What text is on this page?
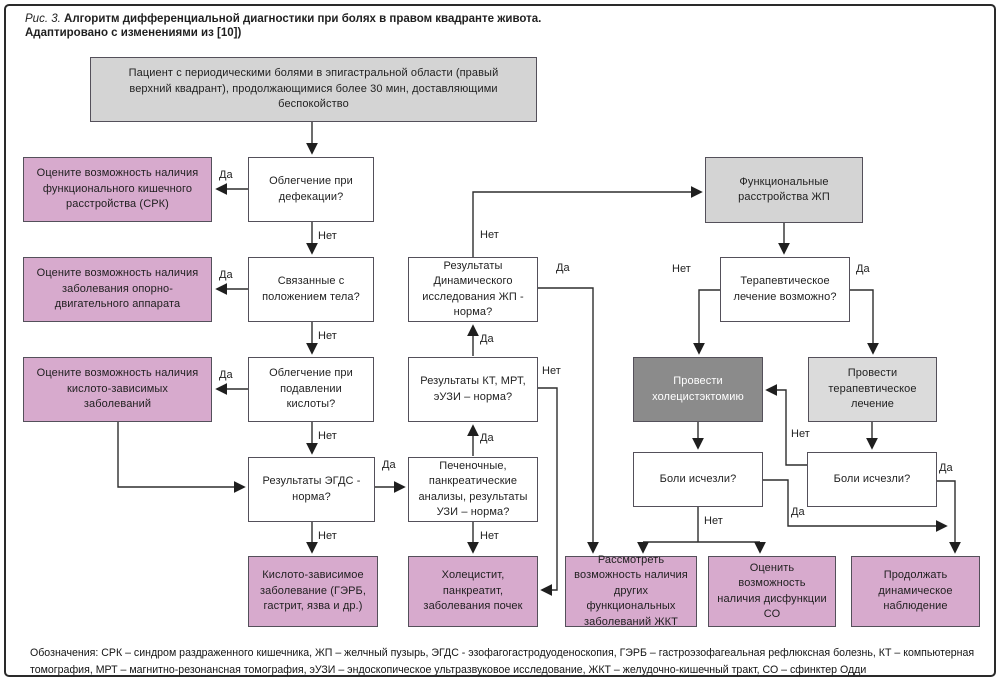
Рис. 3. Алгоритм дифференциальной диагностики при болях в правом квадранте живота.
Адаптировано с изменениями из [10])
Пациент с периодическими болями в эпигастральной области (правый верхний квадрант), продолжающимися более 30 мин, доставляющими беспокойство
Облегчение при дефекации?
Оцените возможность наличия функционального кишечного расстройства (СРК)
Связанные с положением тела?
Оцените возможность наличия заболевания опорно-двигательного аппарата
Облегчение при подавлении кислоты?
Оцените возможность наличия кислото-зависимых заболеваний
Результаты ЭГДС - норма?
Кислото-зависимое заболевание (ГЭРБ, гастрит, язва и др.)
Результаты Динамического исследования ЖП - норма?
Результаты КТ, МРТ, эУЗИ – норма?
Печеночные, панкреатические анализы, результаты УЗИ – норма?
Холецистит, панкреатит, заболевания почек
Функциональные расстройства ЖП
Терапевтическое лечение возможно?
Провести холецистэктомию
Провести терапевтическое лечение
Боли исчезли?	Боли исчезли?
Рассмотреть возможность наличия других функциональных заболеваний ЖКТ
Оценить возможность наличия дисфункции СО
Продолжать динамическое наблюдение
Да
Нет
Да
Нет
Да
Нет
Нет
Да
Да
Да
Нет
Да
Нет
Нет
Нет	Да
Нет
Нет
Да
Да
Обозначения: СРК – синдром раздраженного кишечника, ЖП – желчный пузырь, ЭГДС - эзофагогастродуоденоскопия, ГЭРБ – гастроэзофагеальная рефлюксная болезнь, КТ – компьютерная томография, МРТ – магнитно-резонансная томография, эУЗИ – эндоскопическое ультразвуковое исследование, ЖКТ – желудочно-кишечный тракт, СО – сфинктер Одди
